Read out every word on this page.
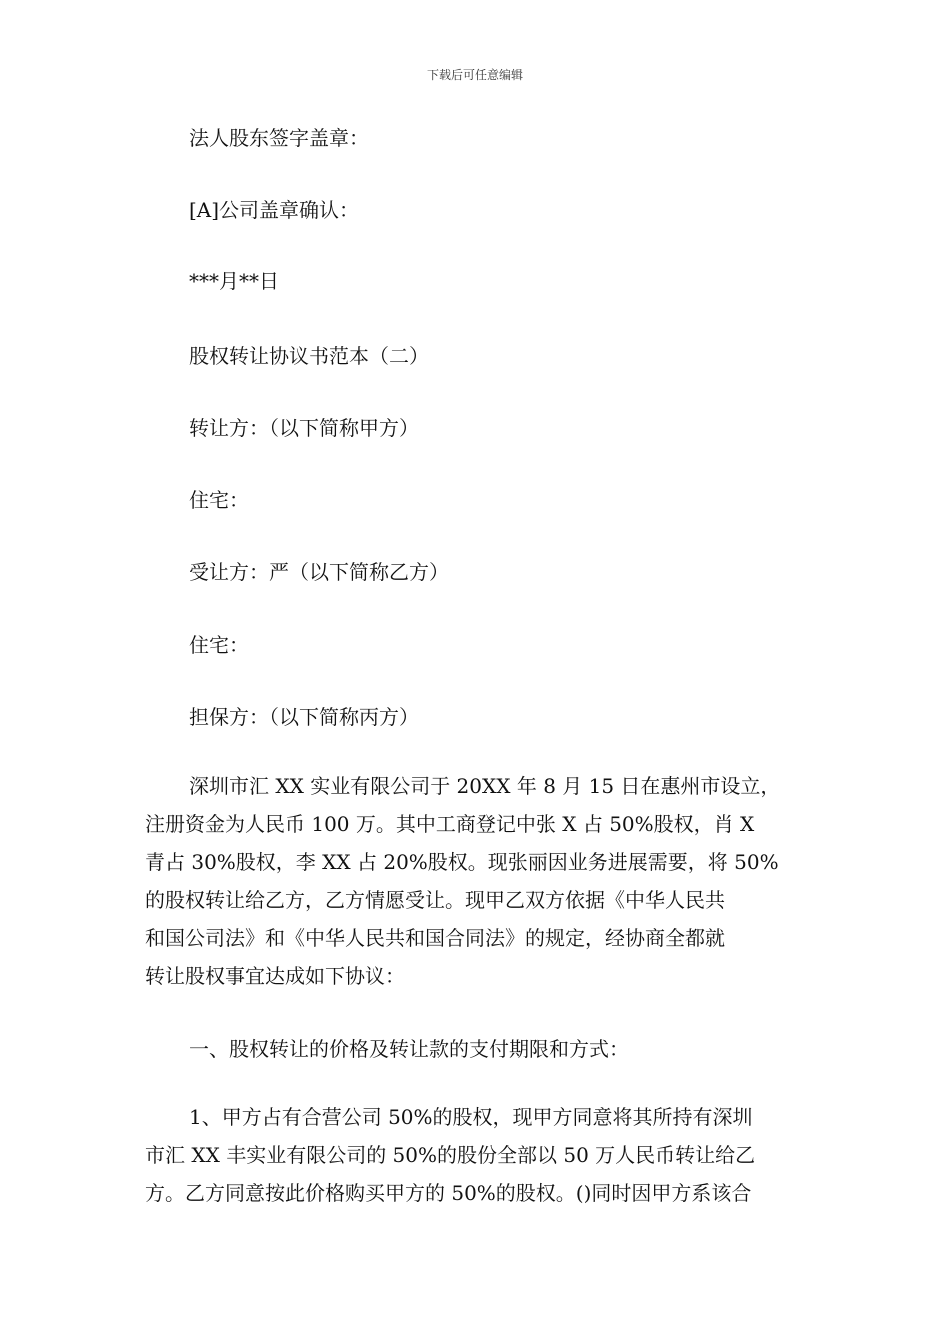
下载后可任意编辑
法人股东签字盖章：
[A]公司盖章确认：
***月**日
股权转让协议书范本（二）
转让方：（以下简称甲方）
住宅：
受让方：严（以下简称乙方）
住宅：
担保方：（以下简称丙方）
深圳市汇 XX 实业有限公司于 20XX 年 8 月 15 日在惠州市设立，
注册资金为人民币 100 万。其中工商登记中张 X 占 50%股权，肖 X
青占 30%股权，李 XX 占 20%股权。现张丽因业务进展需要，将 50%
的股权转让给乙方，乙方情愿受让。现甲乙双方依据《中华人民共
和国公司法》和《中华人民共和国合同法》的规定，经协商全都就
转让股权事宜达成如下协议：
一、股权转让的价格及转让款的支付期限和方式：
1、甲方占有合营公司 50%的股权，现甲方同意将其所持有深圳
市汇 XX 丰实业有限公司的 50%的股份全部以 50 万人民币转让给乙
方。乙方同意按此价格购买甲方的 50%的股权。()同时因甲方系该合
